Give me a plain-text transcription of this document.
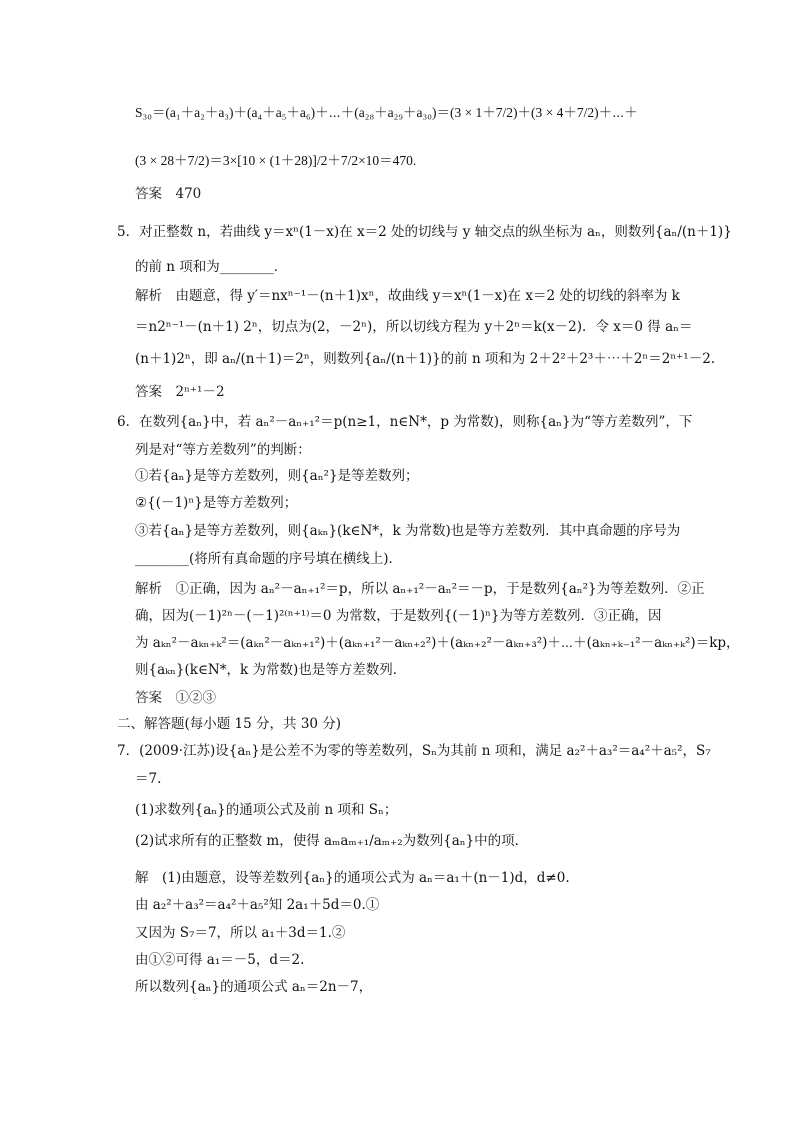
S₃₀＝(a₁＋a₂＋a₃)＋(a₄＋a₅＋a₆)＋⋯＋(a₂₈＋a₂₉＋a₃₀)＝(3 × 1＋7/2)＋(3 × 4＋7/2)＋⋯＋
(3 × 28＋7/2)＝3×[10 × (1＋28)]/2＋7/2×10＝470.
答案　470
5．对正整数 n，若曲线 y＝xⁿ(1－x)在 x＝2 处的切线与 y 轴交点的纵坐标为 aₙ，则数列{aₙ/(n＋1)}
的前 n 项和为________．
解析　由题意，得 y′＝nxⁿ⁻¹－(n＋1)xⁿ，故曲线 y＝xⁿ(1－x)在 x＝2 处的切线的斜率为 k
＝n2ⁿ⁻¹－(n＋1) 2ⁿ，切点为(2，－2ⁿ)，所以切线方程为 y＋2ⁿ＝k(x－2)．令 x＝0 得 aₙ＝
(n＋1)2ⁿ，即 aₙ/(n＋1)＝2ⁿ，则数列{aₙ/(n＋1)}的前 n 项和为 2＋2²＋2³＋⋯＋2ⁿ＝2ⁿ⁺¹－2.
答案　2ⁿ⁺¹－2
6．在数列{aₙ}中，若 aₙ²－aₙ₊₁²＝p(n≥1，n∈N*，p 为常数)，则称{aₙ}为“等方差数列”，下
列是对“等方差数列”的判断：
①若{aₙ}是等方差数列，则{aₙ²}是等差数列；
②{(－1)ⁿ}是等方差数列；
③若{aₙ}是等方差数列，则{aₖₙ}(k∈N*，k 为常数)也是等方差数列．其中真命题的序号为
________(将所有真命题的序号填在横线上)．
解析　①正确，因为 aₙ²－aₙ₊₁²＝p，所以 aₙ₊₁²－aₙ²＝－p，于是数列{aₙ²}为等差数列．②正
确，因为(－1)²ⁿ－(－1)²⁽ⁿ⁺¹⁾＝0 为常数，于是数列{(－1)ⁿ}为等方差数列．③正确，因
为 aₖₙ²－aₖₙ₊ₖ²＝(aₖₙ²－aₖₙ₊₁²)＋(aₖₙ₊₁²－aₖₙ₊₂²)＋(aₖₙ₊₂²－aₖₙ₊₃²)＋⋯＋(aₖₙ₊ₖ₋₁²－aₖₙ₊ₖ²)＝kp，
则{aₖₙ}(k∈N*，k 为常数)也是等方差数列．
答案　①②③
二、解答题(每小题 15 分，共 30 分)
7．(2009·江苏)设{aₙ}是公差不为零的等差数列，Sₙ为其前 n 项和，满足 a₂²＋a₃²＝a₄²＋a₅²，S₇
＝7.
(1)求数列{aₙ}的通项公式及前 n 项和 Sₙ；
(2)试求所有的正整数 m，使得 aₘaₘ₊₁/aₘ₊₂为数列{aₙ}中的项．
解　(1)由题意，设等差数列{aₙ}的通项公式为 aₙ＝a₁＋(n－1)d，d≠0.
由 a₂²＋a₃²＝a₄²＋a₅²知 2a₁＋5d＝0.①
又因为 S₇＝7，所以 a₁＋3d＝1.②
由①②可得 a₁＝－5，d＝2.
所以数列{aₙ}的通项公式 aₙ＝2n－7，
